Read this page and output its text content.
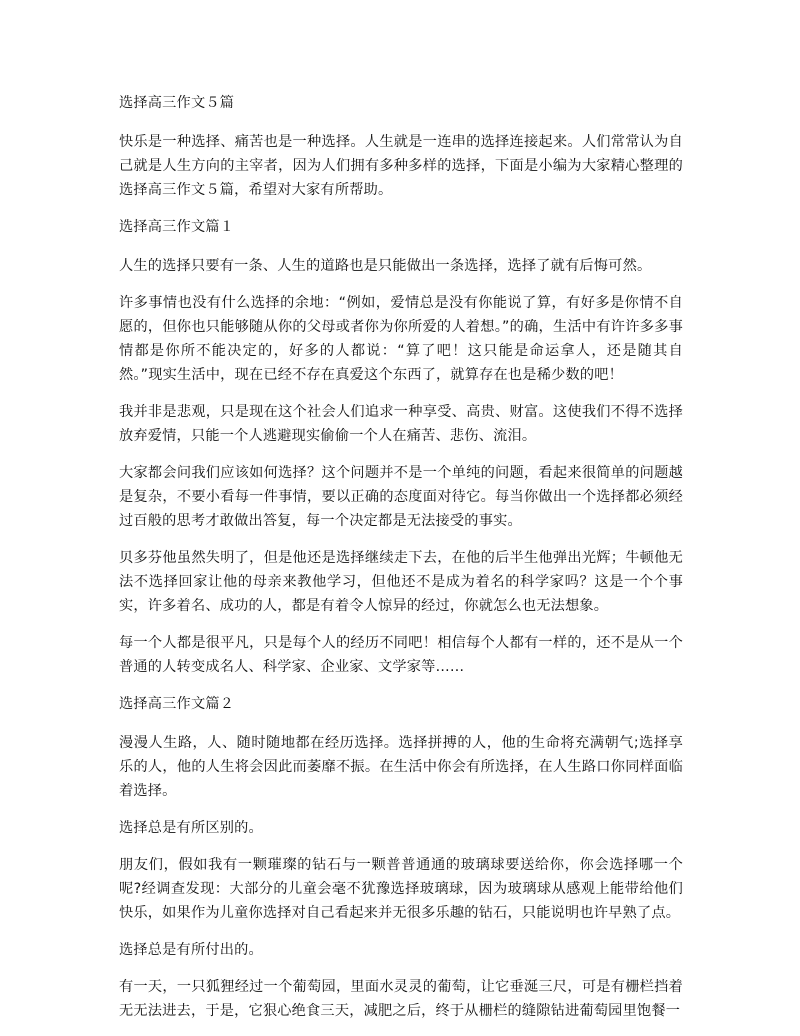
选择高三作文５篇

快乐是一种选择、痛苦也是一种选择。人生就是一连串的选择连接起来。人们常常认为自己就是人生方向的主宰者，因为人们拥有多种多样的选择，下面是小编为大家精心整理的选择高三作文５篇，希望对大家有所帮助。

选择高三作文篇１

人生的选择只要有一条、人生的道路也是只能做出一条选择，选择了就有后悔可然。

许多事情也没有什么选择的余地：“例如，爱情总是没有你能说了算，有好多是你情不自愿的，但你也只能够随从你的父母或者你为你所爱的人着想。”的确，生活中有许许多多事情都是你所不能决定的，好多的人都说：“算了吧！这只能是命运拿人，还是随其自然。”现实生活中，现在已经不存在真爱这个东西了，就算存在也是稀少数的吧！

我并非是悲观，只是现在这个社会人们追求一种享受、高贵、财富。这使我们不得不选择放弃爱情，只能一个人逃避现实偷偷一个人在痛苦、悲伤、流泪。

大家都会问我们应该如何选择？这个问题并不是一个单纯的问题，看起来很简单的问题越是复杂，不要小看每一件事情，要以正确的态度面对待它。每当你做出一个选择都必须经过百般的思考才敢做出答复，每一个决定都是无法接受的事实。

贝多芬他虽然失明了，但是他还是选择继续走下去，在他的后半生他弹出光辉；牛顿他无法不选择回家让他的母亲来教他学习，但他还不是成为着名的科学家吗？这是一个个事实，许多着名、成功的人，都是有着令人惊异的经过，你就怎么也无法想象。

每一个人都是很平凡，只是每个人的经历不同吧！相信每个人都有一样的，还不是从一个普通的人转变成名人、科学家、企业家、文学家等……

选择高三作文篇２

漫漫人生路，人、随时随地都在经历选择。选择拼搏的人，他的生命将充满朝气;选择享乐的人，他的人生将会因此而萎靡不振。在生活中你会有所选择，在人生路口你同样面临着选择。

选择总是有所区别的。

朋友们，假如我有一颗璀璨的钻石与一颗普普通通的玻璃球要送给你，你会选择哪一个呢?经调查发现：大部分的儿童会毫不犹豫选择玻璃球，因为玻璃球从感观上能带给他们快乐，如果作为儿童你选择对自己看起来并无很多乐趣的钻石，只能说明也许早熟了点。

选择总是有所付出的。

有一天，一只狐狸经过一个葡萄园，里面水灵灵的葡萄，让它垂涎三尺，可是有栅栏挡着无无法进去，于是，它狠心绝食三天，减肥之后，终于从栅栏的缝隙钻进葡萄园里饱餐一
